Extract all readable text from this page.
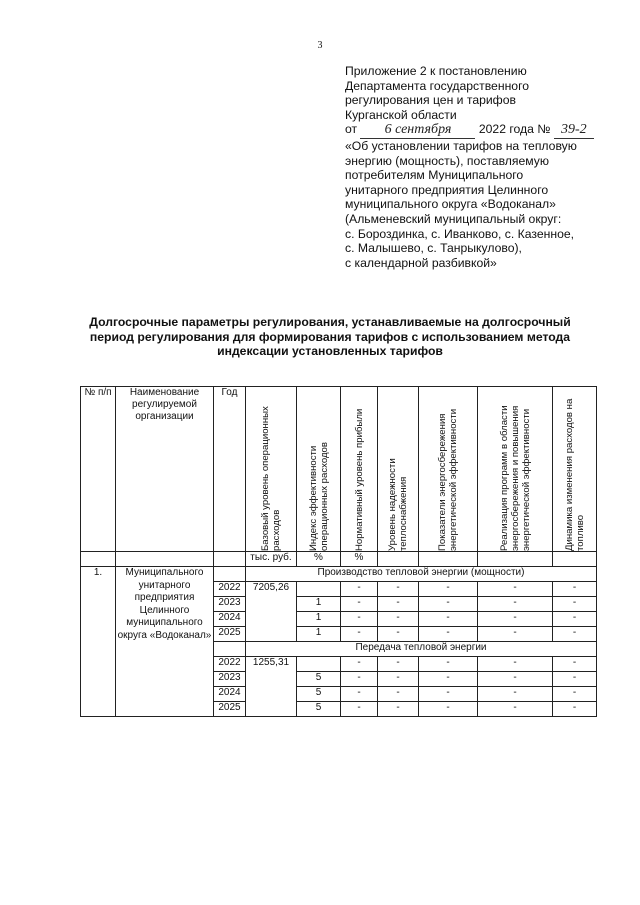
3
Приложение 2 к постановлению
Департамента государственного
регулирования цен и тарифов
Курганской области
от 6 сентября 2022 года № 39-2
«Об установлении тарифов на тепловую
энергию (мощность), поставляемую
потребителям Муниципального
унитарного предприятия Целинного
муниципального округа «Водоканал»
(Альменевский муниципальный округ:
с. Бороздинка, с. Иванково, с. Казенное,
с. Малышево, с. Танрыкулово),
с календарной разбивкой»
Долгосрочные параметры регулирования, устанавливаемые на долгосрочный
период регулирования для формирования тарифов с использованием метода
индексации установленных тарифов
№ п/п	Наименование регулируемой организации	Год	Базовый уровень операционных расходов	Индекс эффективности операционных расходов	Нормативный уровень прибыли	Уровень надежности теплоснабжения	Показатели энергосбережения энергетической эффективности	Реализация программ в области энергосбережения и повышения энергетической эффективности	Динамика изменения расходов на топливо

			тыс. руб.	%	%				
1.	Муниципального унитарного предприятия Целинного муниципального округа «Водоканал»		Производство тепловой энергии (мощности)						
		2022	7205,26		-	-	-	-	-
		2023		1	-	-	-	-	-
		2024		1	-	-	-	-	-
		2025		1	-	-	-	-	-
			Передача тепловой энергии						
		2022	1255,31		-	-	-	-	-
		2023		5	-	-	-	-	-
		2024		5	-	-	-	-	-
		2025		5	-	-	-	-	-
